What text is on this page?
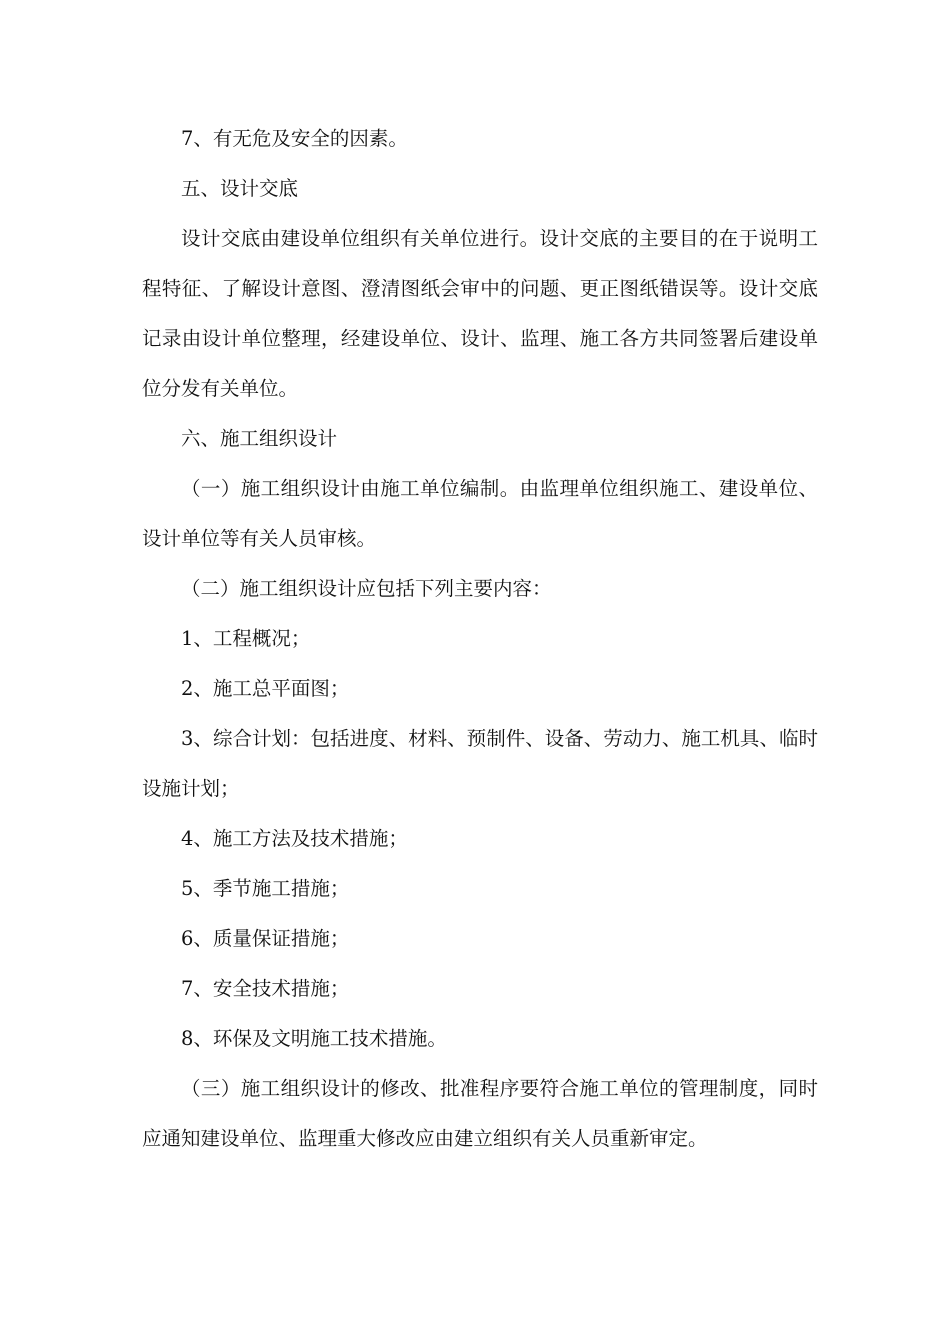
7、有无危及安全的因素。

五、设计交底

设计交底由建设单位组织有关单位进行。设计交底的主要目的在于说明工程特征、了解设计意图、澄清图纸会审中的问题、更正图纸错误等。设计交底记录由设计单位整理，经建设单位、设计、监理、施工各方共同签署后建设单位分发有关单位。

六、施工组织设计

（一）施工组织设计由施工单位编制。由监理单位组织施工、建设单位、设计单位等有关人员审核。

（二）施工组织设计应包括下列主要内容：

1、工程概况；

2、施工总平面图；

3、综合计划：包括进度、材料、预制件、设备、劳动力、施工机具、临时设施计划；

4、施工方法及技术措施；

5、季节施工措施；

6、质量保证措施；

7、安全技术措施；

8、环保及文明施工技术措施。

（三）施工组织设计的修改、批准程序要符合施工单位的管理制度，同时应通知建设单位、监理重大修改应由建立组织有关人员重新审定。
